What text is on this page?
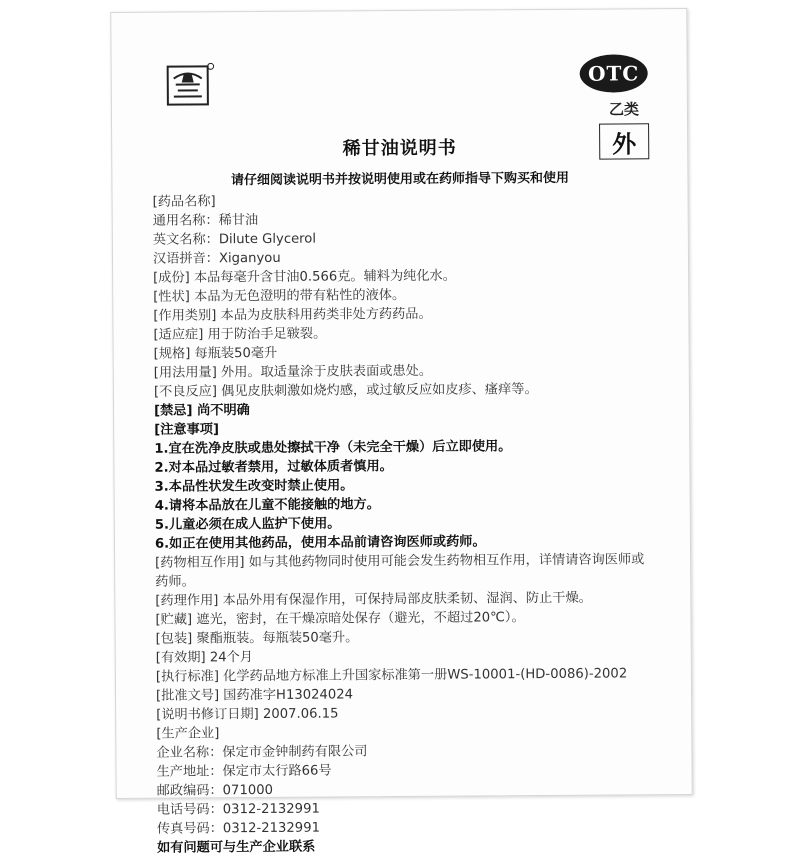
OTC
乙类
外
稀甘油说明书
请仔细阅读说明书并按说明使用或在药师指导下购买和使用
[药品名称]
通用名称：稀甘油
英文名称：Dilute Glycerol
汉语拼音：Xiganyou
[成份] 本品每毫升含甘油0.566克。辅料为纯化水。
[性状] 本品为无色澄明的带有粘性的液体。
[作用类别] 本品为皮肤科用药类非处方药药品。
[适应症] 用于防治手足皲裂。
[规格] 每瓶装50毫升
[用法用量] 外用。取适量涂于皮肤表面或患处。
[不良反应] 偶见皮肤刺激如烧灼感，或过敏反应如皮疹、瘙痒等。
[禁忌] 尚不明确
[注意事项]
1.宜在洗净皮肤或患处擦拭干净（未完全干燥）后立即使用。
2.对本品过敏者禁用，过敏体质者慎用。
3.本品性状发生改变时禁止使用。
4.请将本品放在儿童不能接触的地方。
5.儿童必须在成人监护下使用。
6.如正在使用其他药品，使用本品前请咨询医师或药师。
[药物相互作用] 如与其他药物同时使用可能会发生药物相互作用，详情请咨询医师或药师。
[药理作用] 本品外用有保湿作用，可保持局部皮肤柔韧、湿润、防止干燥。
[贮藏] 遮光，密封，在干燥凉暗处保存（避光，不超过20℃）。
[包装] 聚酯瓶装。每瓶装50毫升。
[有效期] 24个月
[执行标准] 化学药品地方标准上升国家标准第一册WS-10001-(HD-0086)-2002
[批准文号] 国药准字H13024024
[说明书修订日期] 2007.06.15
[生产企业]
企业名称：保定市金钟制药有限公司
生产地址：保定市太行路66号
邮政编码：071000
电话号码：0312-2132991
传真号码：0312-2132991
如有问题可与生产企业联系
